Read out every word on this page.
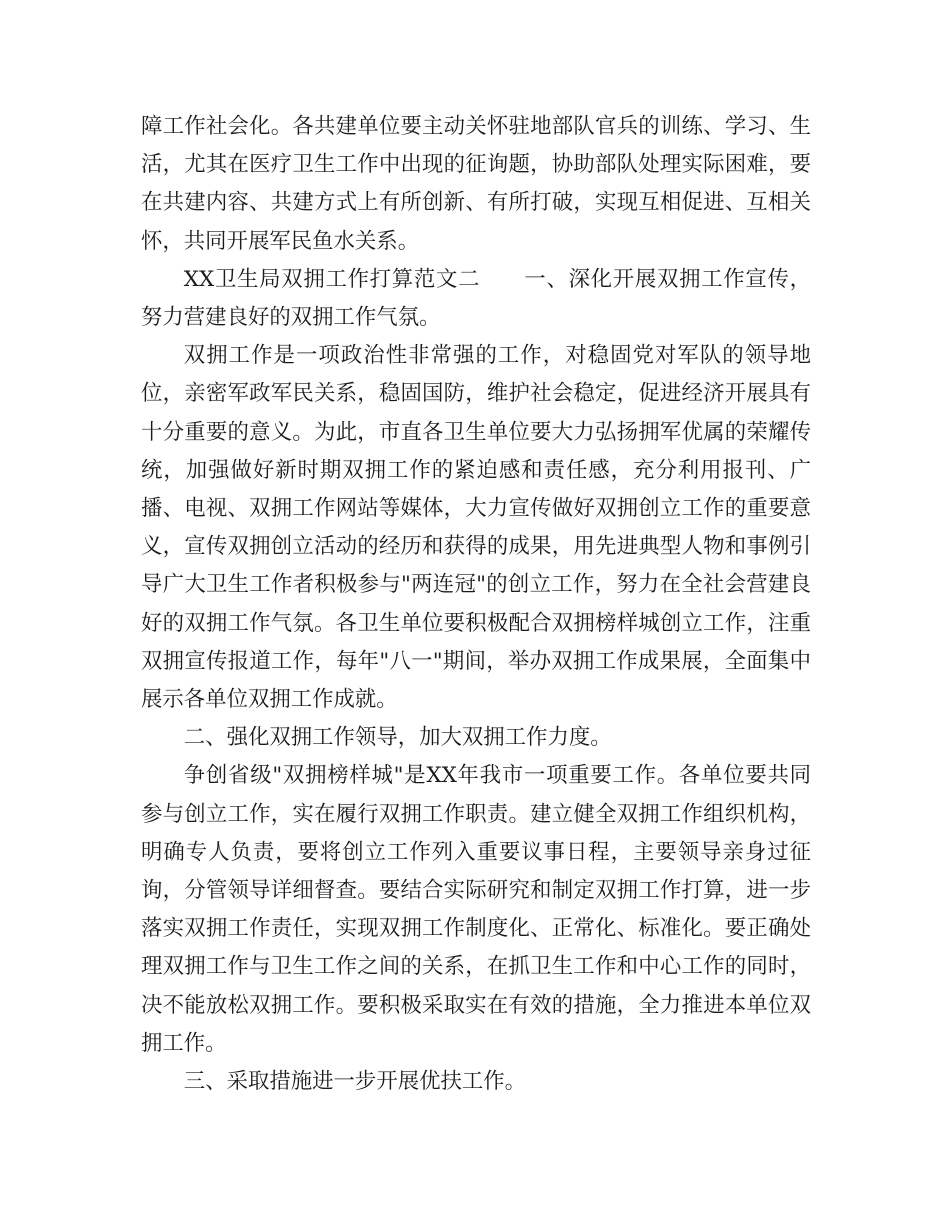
障工作社会化。各共建单位要主动关怀驻地部队官兵的训练、学习、生活，尤其在医疗卫生工作中出现的征询题，协助部队处理实际困难，要在共建内容、共建方式上有所创新、有所打破，实现互相促进、互相关怀，共同开展军民鱼水关系。

XX卫生局双拥工作打算范文二　　一、深化开展双拥工作宣传，努力营建良好的双拥工作气氛。

双拥工作是一项政治性非常强的工作，对稳固党对军队的领导地位，亲密军政军民关系，稳固国防，维护社会稳定，促进经济开展具有十分重要的意义。为此，市直各卫生单位要大力弘扬拥军优属的荣耀传统，加强做好新时期双拥工作的紧迫感和责任感，充分利用报刊、广播、电视、双拥工作网站等媒体，大力宣传做好双拥创立工作的重要意义，宣传双拥创立活动的经历和获得的成果，用先进典型人物和事例引导广大卫生工作者积极参与"两连冠"的创立工作，努力在全社会营建良好的双拥工作气氛。各卫生单位要积极配合双拥榜样城创立工作，注重双拥宣传报道工作，每年"八一"期间，举办双拥工作成果展，全面集中展示各单位双拥工作成就。

二、强化双拥工作领导，加大双拥工作力度。

争创省级"双拥榜样城"是XX年我市一项重要工作。各单位要共同参与创立工作，实在履行双拥工作职责。建立健全双拥工作组织机构，明确专人负责，要将创立工作列入重要议事日程，主要领导亲身过征询，分管领导详细督查。要结合实际研究和制定双拥工作打算，进一步落实双拥工作责任，实现双拥工作制度化、正常化、标准化。要正确处理双拥工作与卫生工作之间的关系，在抓卫生工作和中心工作的同时，决不能放松双拥工作。要积极采取实在有效的措施，全力推进本单位双拥工作。

三、采取措施进一步开展优扶工作。
